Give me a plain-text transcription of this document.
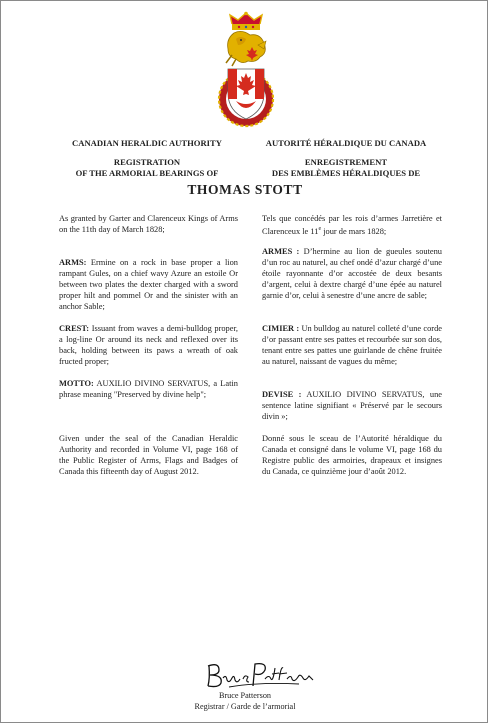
CANADIAN HERALDIC AUTHORITY
REGISTRATION
OF THE ARMORIAL BEARINGS OF
AUTORITÉ HÉRALDIQUE DU CANADA
ENREGISTREMENT
DES EMBLÈMES HÉRALDIQUES DE
THOMAS STOTT

As granted by Garter and Clarenceux Kings of Arms on the 11th day of March 1828;

ARMS: Ermine on a rock in base proper a lion rampant Gules, on a chief wavy Azure an estoile Or between two plates the dexter charged with a sword proper hilt and pommel Or and the sinister with an anchor Sable;

CREST: Issuant from waves a demi-bulldog proper, a log-line Or around its neck and reflexed over its back, holding between its paws a wreath of oak fructed proper;

MOTTO: AUXILIO DIVINO SERVATUS, a Latin phrase meaning "Preserved by divine help";

Given under the seal of the Canadian Heraldic Authority and recorded in Volume VI, page 168 of the Public Register of Arms, Flags and Badges of Canada this fifteenth day of August 2012.

Tels que concédés par les rois d’armes Jarretière et Clarenceux le 11e jour de mars 1828;

ARMES : D’hermine au lion de gueules soutenu d’un roc au naturel, au chef ondé d’azur chargé d’une étoile rayonnante d’or accostée de deux besants d’argent, celui à dextre chargé d’une épée au naturel garnie d’or, celui à senestre d’une ancre de sable;

CIMIER : Un bulldog au naturel colleté d’une corde d’or passant entre ses pattes et recourbée sur son dos, tenant entre ses pattes une guirlande de chêne fruitée au naturel, naissant de vagues du même;

DEVISE : AUXILIO DIVINO SERVATUS, une sentence latine signifiant « Préservé par le secours divin »;

Donné sous le sceau de l’Autorité héraldique du Canada et consigné dans le volume VI, page 168 du Registre public des armoiries, drapeaux et insignes du Canada, ce quinzième jour d’août 2012.

Bruce Patterson
Registrar / Garde de l’armorial
